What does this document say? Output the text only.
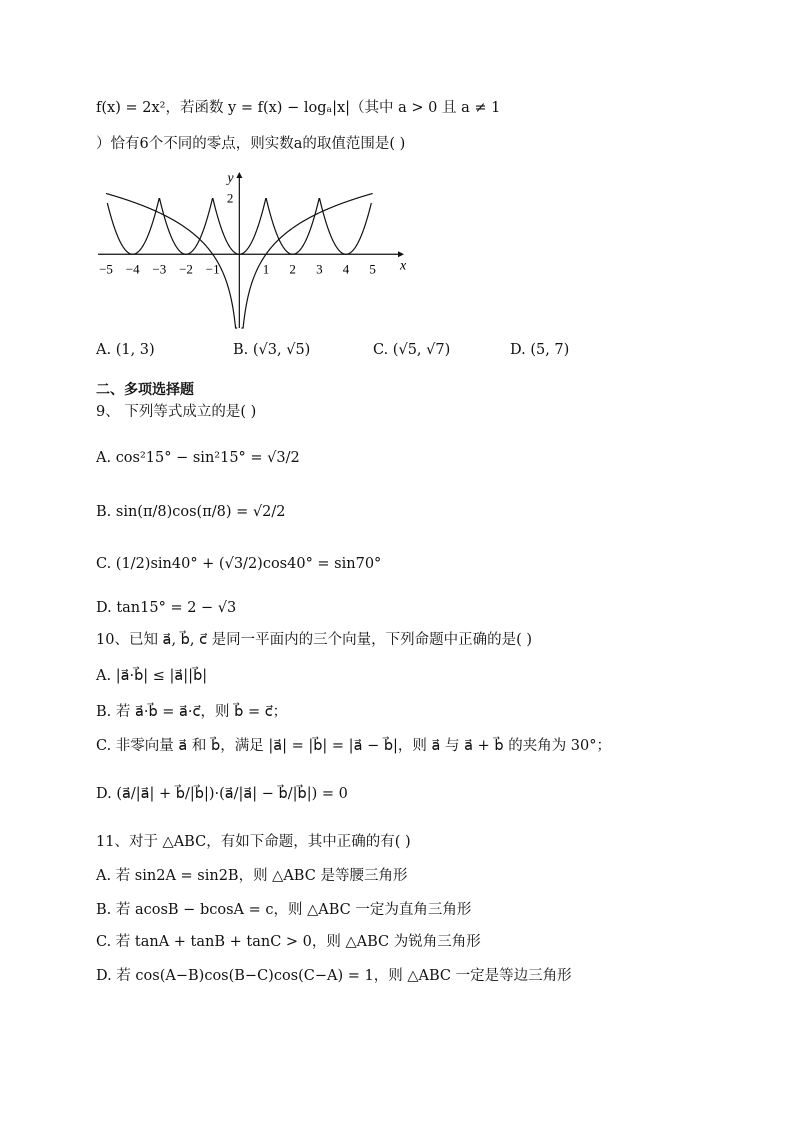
f(x) = 2x²，若函数 y = f(x) − logₐ|x|（其中 a > 0 且 a ≠ 1
）恰有6个不同的零点，则实数a的取值范围是( )
x
y
−5 −4 −3 −2 −1	1 2 3 4 5
2
A. (1, 3)	B. (√3, √5)	C. (√5, √7)	D. (5, 7)
二、多项选择题
9、 下列等式成立的是( )
A. cos²15° − sin²15° = √3/2
B. sin(π/8)cos(π/8) = √2/2
C. (1/2)sin40° + (√3/2)cos40° = sin70°
D. tan15° = 2 − √3
10、已知 a⃗, b⃗, c⃗ 是同一平面内的三个向量，下列命题中正确的是( )
A. |a⃗·b⃗| ≤ |a⃗||b⃗|
B. 若 a⃗·b⃗ = a⃗·c⃗，则 b⃗ = c⃗；
C. 非零向量 a⃗ 和 b⃗，满足 |a⃗| = |b⃗| = |a⃗ − b⃗|，则 a⃗ 与 a⃗ + b⃗ 的夹角为 30°；
D. (a⃗/|a⃗| + b⃗/|b⃗|)·(a⃗/|a⃗| − b⃗/|b⃗|) = 0
11、对于 △ABC，有如下命题，其中正确的有( )
A. 若 sin2A = sin2B，则 △ABC 是等腰三角形
B. 若 acosB − bcosA = c，则 △ABC 一定为直角三角形
C. 若 tanA + tanB + tanC > 0，则 △ABC 为锐角三角形
D. 若 cos(A−B)cos(B−C)cos(C−A) = 1，则 △ABC 一定是等边三角形
